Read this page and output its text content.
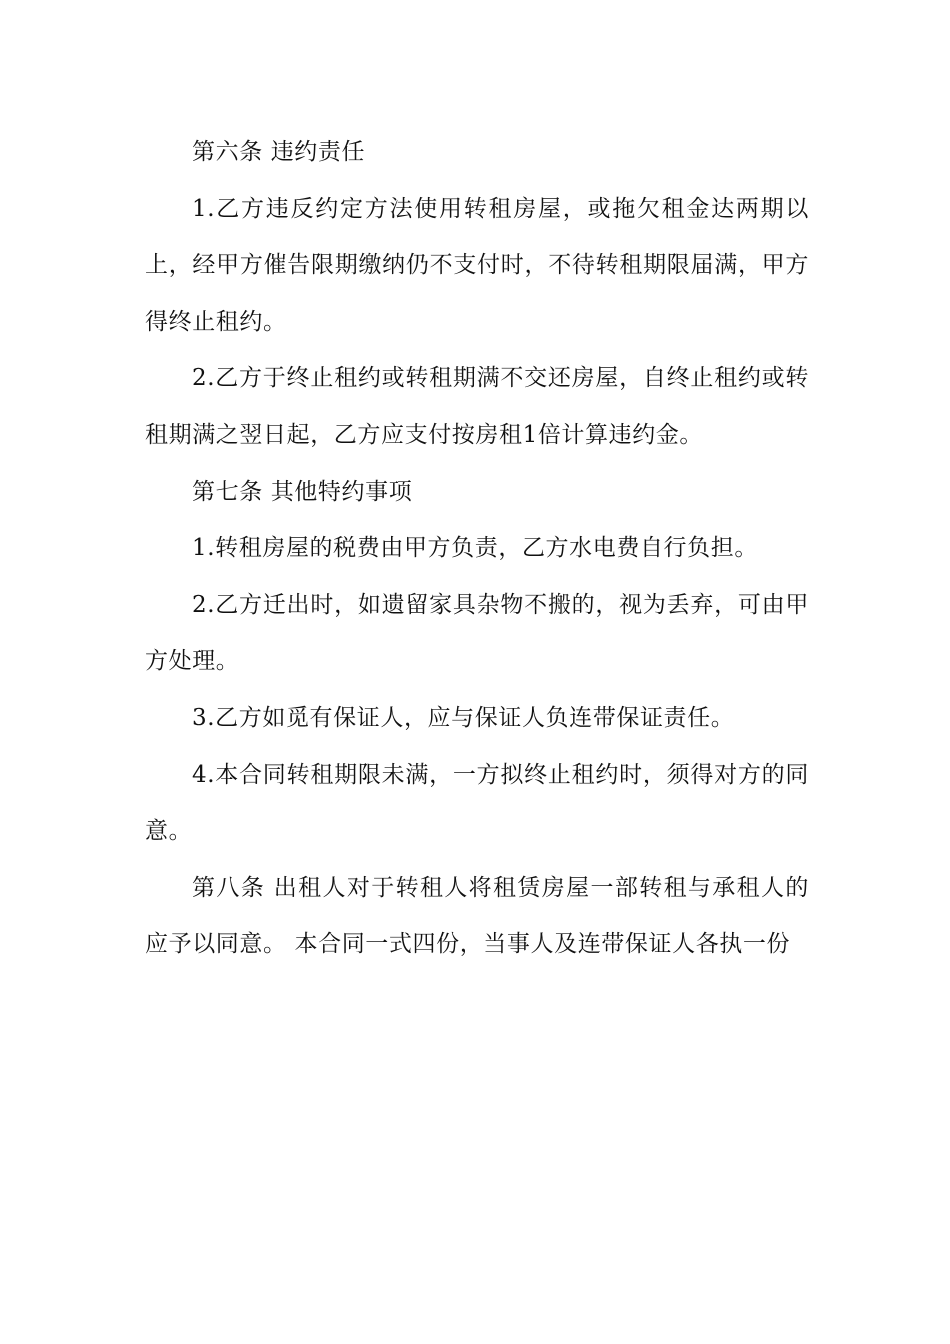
第六条 违约责任

1.乙方违反约定方法使用转租房屋，或拖欠租金达两期以上，经甲方催告限期缴纳仍不支付时，不待转租期限届满，甲方得终止租约。

2.乙方于终止租约或转租期满不交还房屋，自终止租约或转租期满之翌日起，乙方应支付按房租1倍计算违约金。

第七条 其他特约事项

1.转租房屋的税费由甲方负责，乙方水电费自行负担。

2.乙方迁出时，如遗留家具杂物不搬的，视为丢弃，可由甲方处理。

3.乙方如觅有保证人，应与保证人负连带保证责任。

4.本合同转租期限未满，一方拟终止租约时，须得对方的同意。

第八条 出租人对于转租人将租赁房屋一部转租与承租人的应予以同意。 本合同一式四份，当事人及连带保证人各执一份
